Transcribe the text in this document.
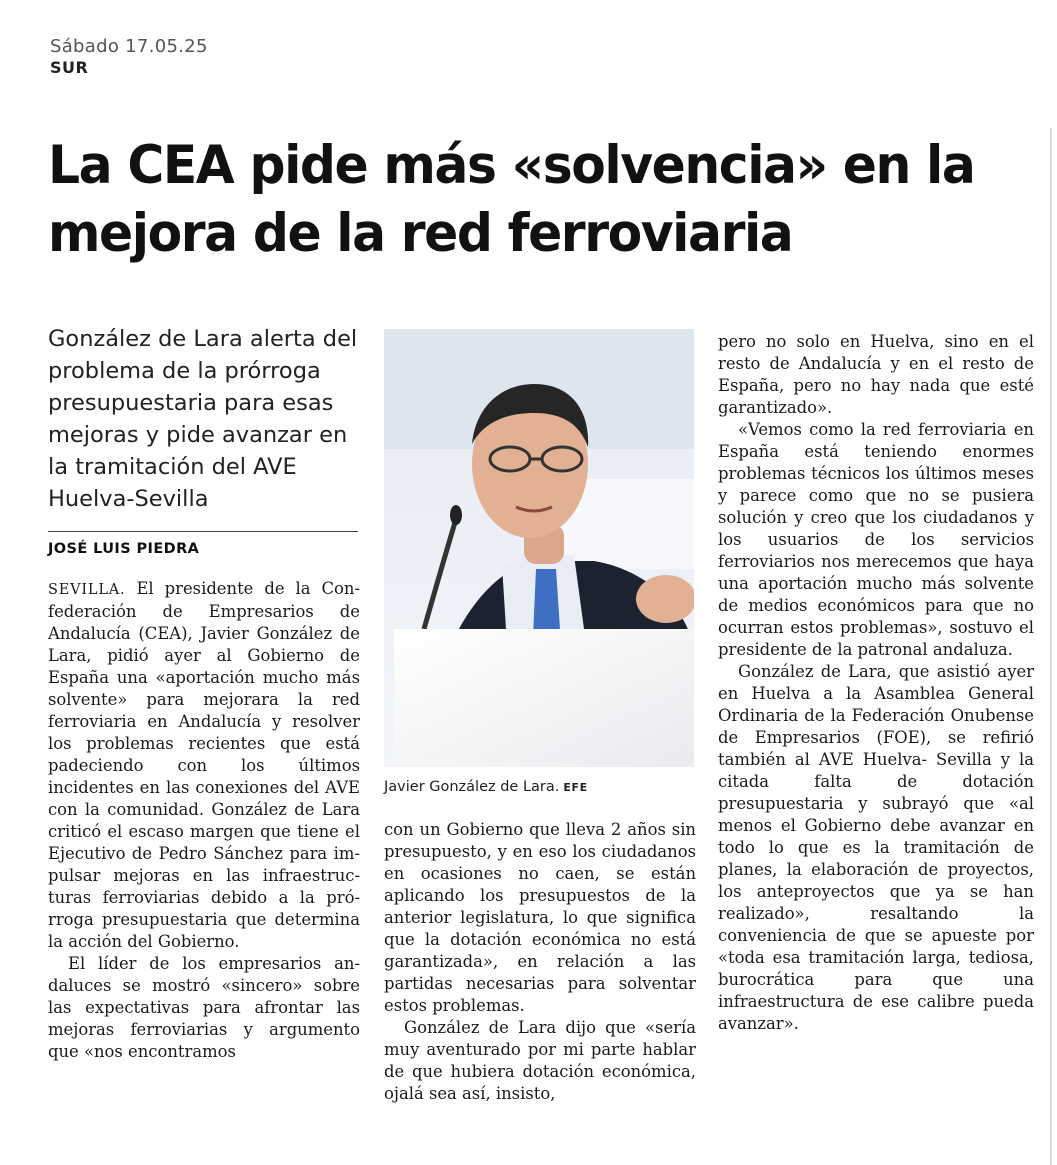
Sábado 17.05.25
SUR
La CEA pide más «solvencia» en la mejora de la red ferroviaria

González de Lara alerta del problema de la prórroga presupuestaria para esas mejoras y pide avanzar en la tramitación del AVE Huelva-Sevilla

JOSÉ LUIS PIEDRA

SEVILLA. El presidente de la Confederación de Empresarios de Andalucía (CEA), Javier González de Lara, pidió ayer al Gobierno de España una «aportación mucho más solvente» para mejorara la red ferroviaria en Andalucía y resolver los problemas recientes que está padeciendo con los últimos incidentes en las conexiones del AVE con la comunidad. González de Lara criticó el escaso margen que tiene el Ejecutivo de Pedro Sánchez para impulsar mejoras en las infraestructuras ferroviarias debido a la prórroga presupuestaria que determina la acción del Gobierno.

El líder de los empresarios andaluces se mostró «sincero» sobre las expectativas para afrontar las mejoras ferroviarias y argumento que «nos encontramos

Javier González de Lara. EFE

con un Gobierno que lleva 2 años sin presupuesto, y en eso los ciudadanos en ocasiones no caen, se están aplicando los presupuestos de la anterior legislatura, lo que significa que la dotación económica no está garantizada», en relación a las partidas necesarias para solventar estos problemas.

González de Lara dijo que «sería muy aventurado por mi parte hablar de que hubiera dotación económica, ojalá sea así, insisto,

pero no solo en Huelva, sino en el resto de Andalucía y en el resto de España, pero no hay nada que esté garantizado».

«Vemos como la red ferroviaria en España está teniendo enormes problemas técnicos los últimos meses y parece como que no se pusiera solución y creo que los ciudadanos y los usuarios de los servicios ferroviarios nos merecemos que haya una aportación mucho más solvente de medios económicos para que no ocurran estos problemas», sostuvo el presidente de la patronal andaluza.

González de Lara, que asistió ayer en Huelva a la Asamblea General Ordinaria de la Federación Onubense de Empresarios (FOE), se refirió también al AVE Huelva- Sevilla y la citada falta de dotación presupuestaria y subrayó que «al menos el Gobierno debe avanzar en todo lo que es la tramitación de planes, la elaboración de proyectos, los anteproyectos que ya se han realizado», resaltando la conveniencia de que se apueste por «toda esa tramitación larga, tediosa, burocrática para que una infraestructura de ese calibre pueda avanzar».
